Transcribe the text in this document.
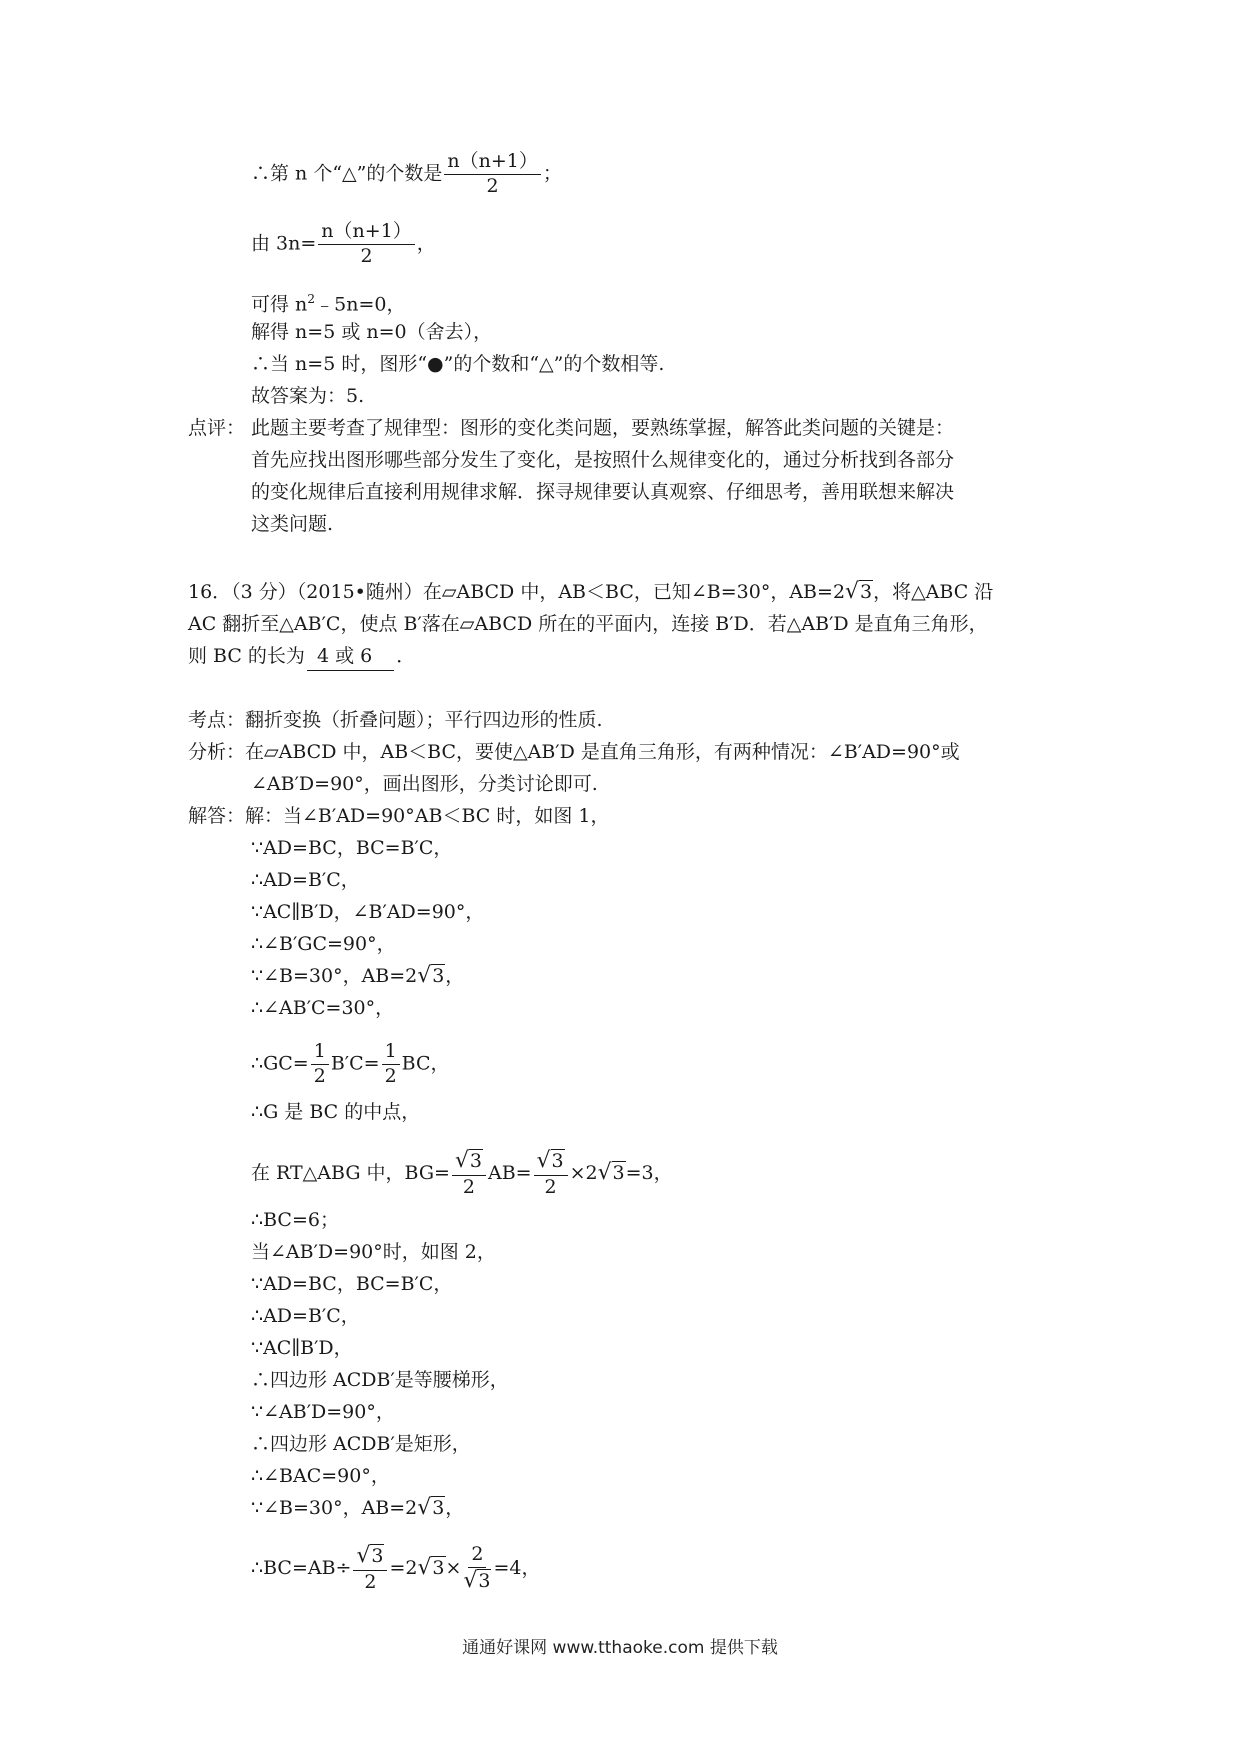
∴第 n 个“△”的个数是 $\frac{n(n+1)}{2}$ ；
由 $3n= \frac{n(n+1)}{2}$ ，
可得 $n^2﹣5n=0$，
解得 n=5 或 n=0（舍去），
∴当 n=5 时，图形“●”的个数和“△”的个数相等.
故答案为：5.
点评： 此题主要考查了规律型：图形的变化类问题，要熟练掌握，解答此类问题的关键是：
首先应找出图形哪些部分发生了变化，是按照什么规律变化的，通过分析找到各部分
的变化规律后直接利用规律求解．探寻规律要认真观察、仔细思考，善用联想来解决
这类问题.
16．（3 分）（2015•随州）在▱ABCD 中，AB＜BC，已知∠B=30°，AB=2√3，将△ABC 沿
AC 翻折至△AB′C，使点 B′落在▱ABCD 所在的平面内，连接 B′D．若△AB′D 是直角三角形，
则 BC 的长为 4 或 6 ．
考点：翻折变换（折叠问题）；平行四边形的性质.
分析：在▱ABCD 中，AB＜BC，要使△AB′D 是直角三角形，有两种情况：∠B′AD=90°或
∠AB′D=90°，画出图形，分类讨论即可.
解答：解：当∠B′AD=90°AB＜BC 时，如图 1，
∵AD=BC，BC=B′C，
∴AD=B′C，
∵AC∥B′D，∠B′AD=90°，
∴∠B′GC=90°，
∵∠B=30°，AB=2√3，
∴∠AB′C=30°，
∴GC= $\frac{1}{2} B'C= \frac{1}{2}$ BC，
∴G 是 BC 的中点，
在 RT△ABG 中，$BG= \frac{√3}{2} AB= \frac{√3}{2} \times 2√3=3$，
∴BC=6；
当∠AB′D=90°时，如图 2，
∵AD=BC，BC=B′C，
∴AD=B′C，
∵AC∥B′D，
∴四边形 ACDB′是等腰梯形，
∵∠AB′D=90°，
∴四边形 ACDB′是矩形，
∴∠BAC=90°，
∵∠B=30°，AB=2√3，
∴BC=AB÷ $\frac{√3}{2} =2√3\times \frac{2}{√3} =4$，
通通好课网 www.tthaoke.com 提供下载
